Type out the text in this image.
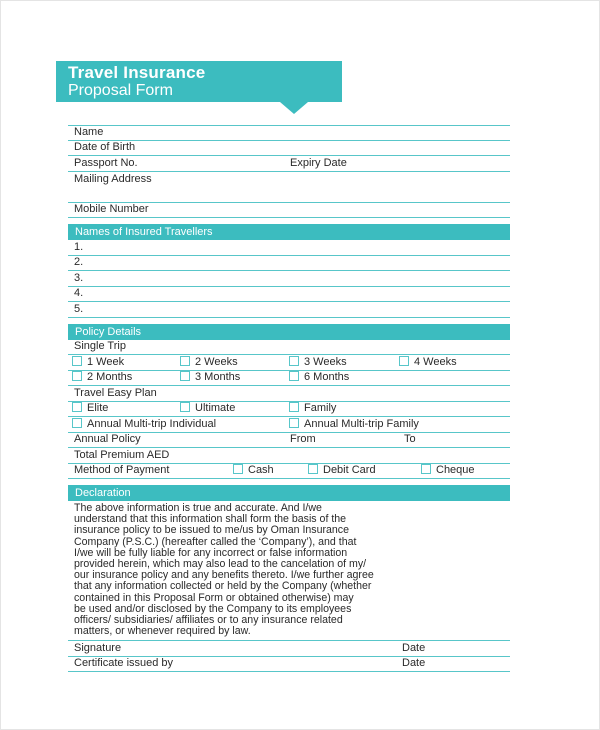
Travel Insurance
Proposal Form
Name
Date of Birth
Passport No.	Expiry Date
Mailing Address
Mobile Number
Names of Insured Travellers
1.
2.
3.
4.
5.
Policy Details
Single Trip
1 Week	2 Weeks	3 Weeks	4 Weeks
2 Months	3 Months	6 Months
Travel Easy Plan
Elite	Ultimate	Family
Annual Multi-trip Individual	Annual Multi-trip Family
Annual Policy	From	To
Total Premium AED
Method of Payment	Cash	Debit Card	Cheque
Declaration
The above information is true and accurate. And I/we
understand that this information shall form the basis of the
insurance policy to be issued to me/us by Oman Insurance
Company (P.S.C.) (hereafter called the ‘Company’), and that
I/we will be fully liable for any incorrect or false information
provided herein, which may also lead to the cancelation of my/
our insurance policy and any benefits thereto. I/we further agree
that any information collected or held by the Company (whether
contained in this Proposal Form or obtained otherwise) may
be used and/or disclosed by the Company to its employees
officers/ subsidiaries/ affiliates or to any insurance related
matters, or whenever required by law.
Signature	Date
Certificate issued by	Date
